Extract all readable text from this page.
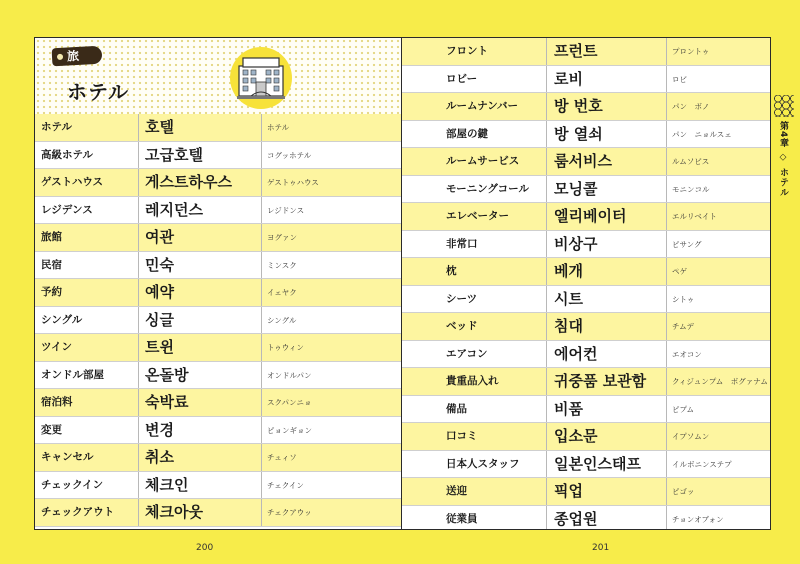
旅
ホテル
ホテル	호텔	ホテル
高級ホテル	고급호텔	コグッホテル
ゲストハウス	게스트하우스	ゲストゥハウス
レジデンス	레지던스	レジドンス
旅館	여관	ヨグァン
民宿	민숙	ミンスク
予約	예약	イェヤク
シングル	싱글	シングル
ツイン	트윈	トゥウィン
オンドル部屋	온돌방	オンドルパン
宿泊料	숙박료	スクパンニョ
変更	변경	ピョンギョン
キャンセル	취소	チュィソ
チェックイン	체크인	チェクイン
チェックアウト 체크아웃	チェクアウッ
フロント	프런트	プロントゥ
ロビー	로비	ロビ
ルームナンバー 방 번호	パン　ボノ
部屋の鍵	방 열쇠	パン　ニョルスェ
ルームサービス 룸서비스	ルムソビス
モーニングコール 모닝콜	モニンコル
エレベーター	엘리베이터	エルリベイト
非常口	비상구	ピサング
枕	베개	ペゲ
シーツ	시트	シトゥ
ベッド	침대	チムデ
エアコン	에어컨	エオコン
貴重品入れ	귀중품 보관함	クィジュンプム　ボグァナム
備品	비품	ピプム
口コミ	입소문	イプソムン
日本人スタッフ 일본인스태프	イルボニンステプ
送迎	픽업	ピゴッ
従業員	종업원	チョンオブォン
第4章 ◇ ホテル
200	201
